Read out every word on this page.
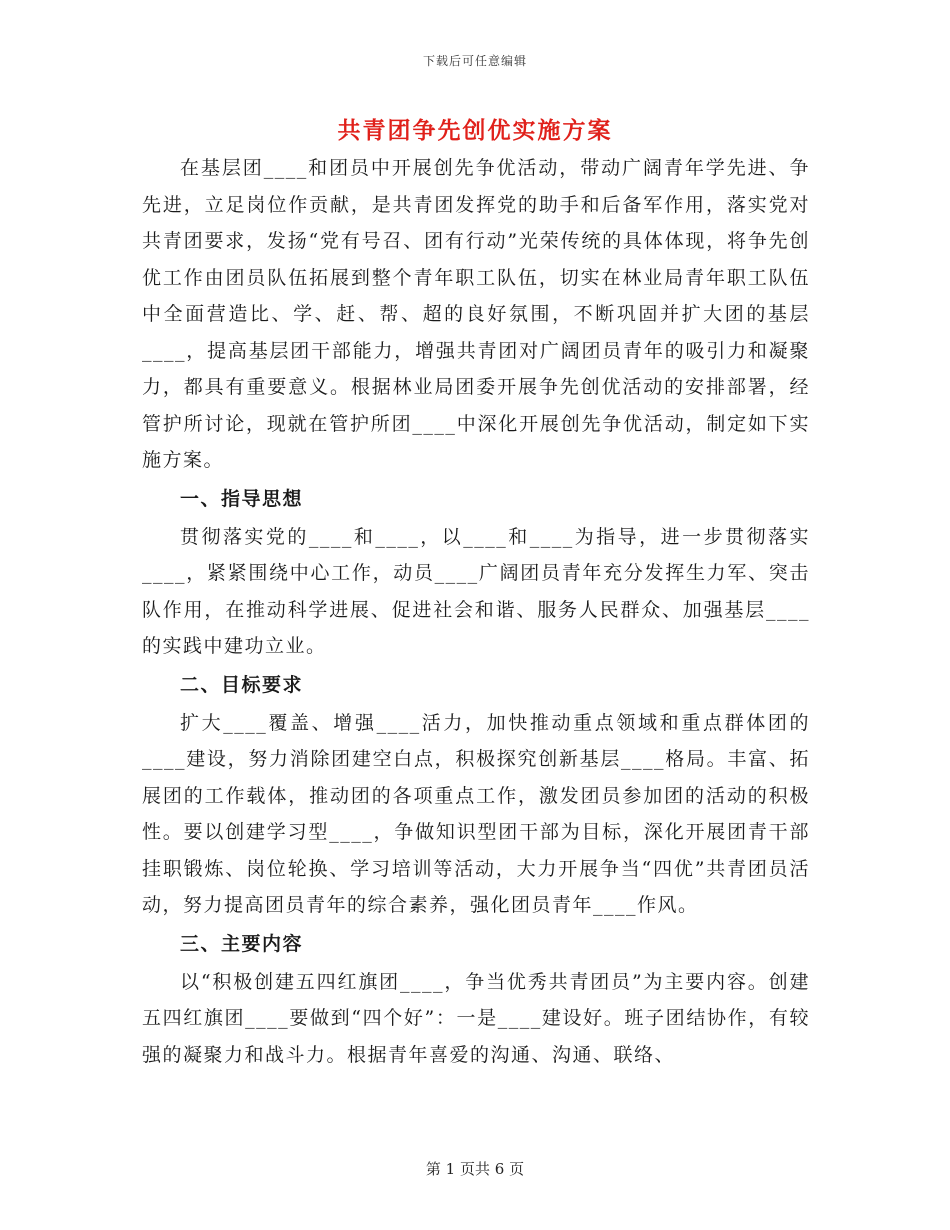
下载后可任意编辑
共青团争先创优实施方案

在基层团____和团员中开展创先争优活动，带动广阔青年学先进、争先进，立足岗位作贡献，是共青团发挥党的助手和后备军作用，落实党对共青团要求，发扬“党有号召、团有行动”光荣传统的具体体现，将争先创优工作由团员队伍拓展到整个青年职工队伍，切实在林业局青年职工队伍中全面营造比、学、赶、帮、超的良好氛围，不断巩固并扩大团的基层____，提高基层团干部能力，增强共青团对广阔团员青年的吸引力和凝聚力，都具有重要意义。根据林业局团委开展争先创优活动的安排部署，经管护所讨论，现就在管护所团____中深化开展创先争优活动，制定如下实施方案。

一、指导思想

贯彻落实党的____和____，以____和____为指导，进一步贯彻落实____，紧紧围绕中心工作，动员____广阔团员青年充分发挥生力军、突击队作用，在推动科学进展、促进社会和谐、服务人民群众、加强基层____的实践中建功立业。

二、目标要求

扩大____覆盖、增强____活力，加快推动重点领域和重点群体团的____建设，努力消除团建空白点，积极探究创新基层____格局。丰富、拓展团的工作载体，推动团的各项重点工作，激发团员参加团的活动的积极性。要以创建学习型____，争做知识型团干部为目标，深化开展团青干部挂职锻炼、岗位轮换、学习培训等活动，大力开展争当“四优”共青团员活动，努力提高团员青年的综合素养，强化团员青年____作风。

三、主要内容

以“积极创建五四红旗团____，争当优秀共青团员”为主要内容。创建五四红旗团____要做到“四个好”：一是____建设好。班子团结协作，有较强的凝聚力和战斗力。根据青年喜爱的沟通、沟通、联络、

第 1 页共 6 页
